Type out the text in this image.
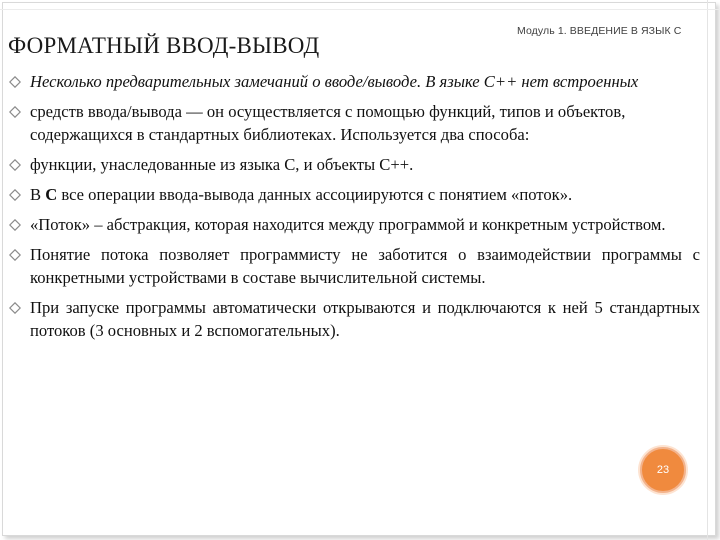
Модуль 1. ВВЕДЕНИЕ В ЯЗЫК С
ФОРМАТНЫЙ ВВОД-ВЫВОД
Несколько предварительных замечаний о вводе/выводе. В языке С++ нет встроенных
средств ввода/вывода — он осуществляется с помощью функций, типов и объектов, содержащихся в стандартных библиотеках. Используется два способа:
функции, унаследованные из языка С, и объекты С++.
В С все операции ввода-вывода данных ассоциируются с понятием «поток».
«Поток» – абстракция, которая находится между программой и конкретным устройством.
Понятие потока позволяет программисту не заботится о взаимодействии программы с конкретными устройствами в составе вычислительной системы.
При запуске программы автоматически открываются и подключаются к ней 5 стандартных потоков (3 основных и 2 вспомогательных).
23
